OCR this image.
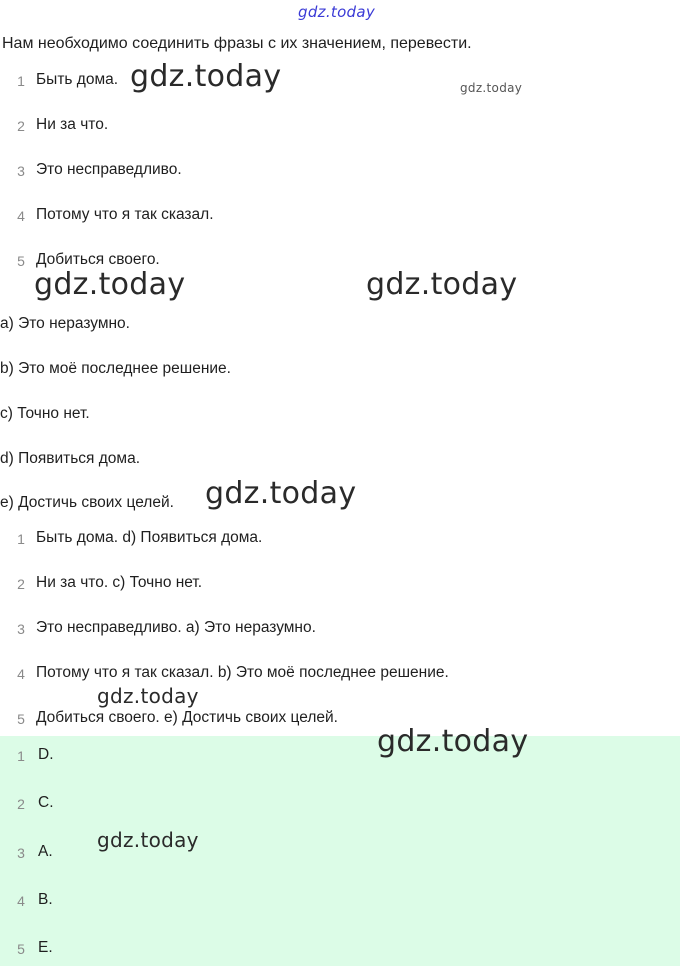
gdz.today
Нам необходимо соединить фразы с их значением, перевести.
1 Быть дома.
2 Ни за что.
3 Это несправедливо.
4 Потому что я так сказал.
5 Добиться своего.
a) Это неразумно.
b) Это моё последнее решение.
c) Точно нет.
d) Появиться дома.
e) Достичь своих целей.
1 Быть дома. d) Появиться дома.
2 Ни за что. c) Точно нет.
3 Это несправедливо. a) Это неразумно.
4 Потому что я так сказал. b) Это моё последнее решение.
5 Добиться своего. e) Достичь своих целей.
1 D.
2 C.
3 A.
4 B.
5 E.
gdz.today	gdz.today
gdz.today	gdz.today
gdz.today
gdz.today
gdz.today
gdz.today
